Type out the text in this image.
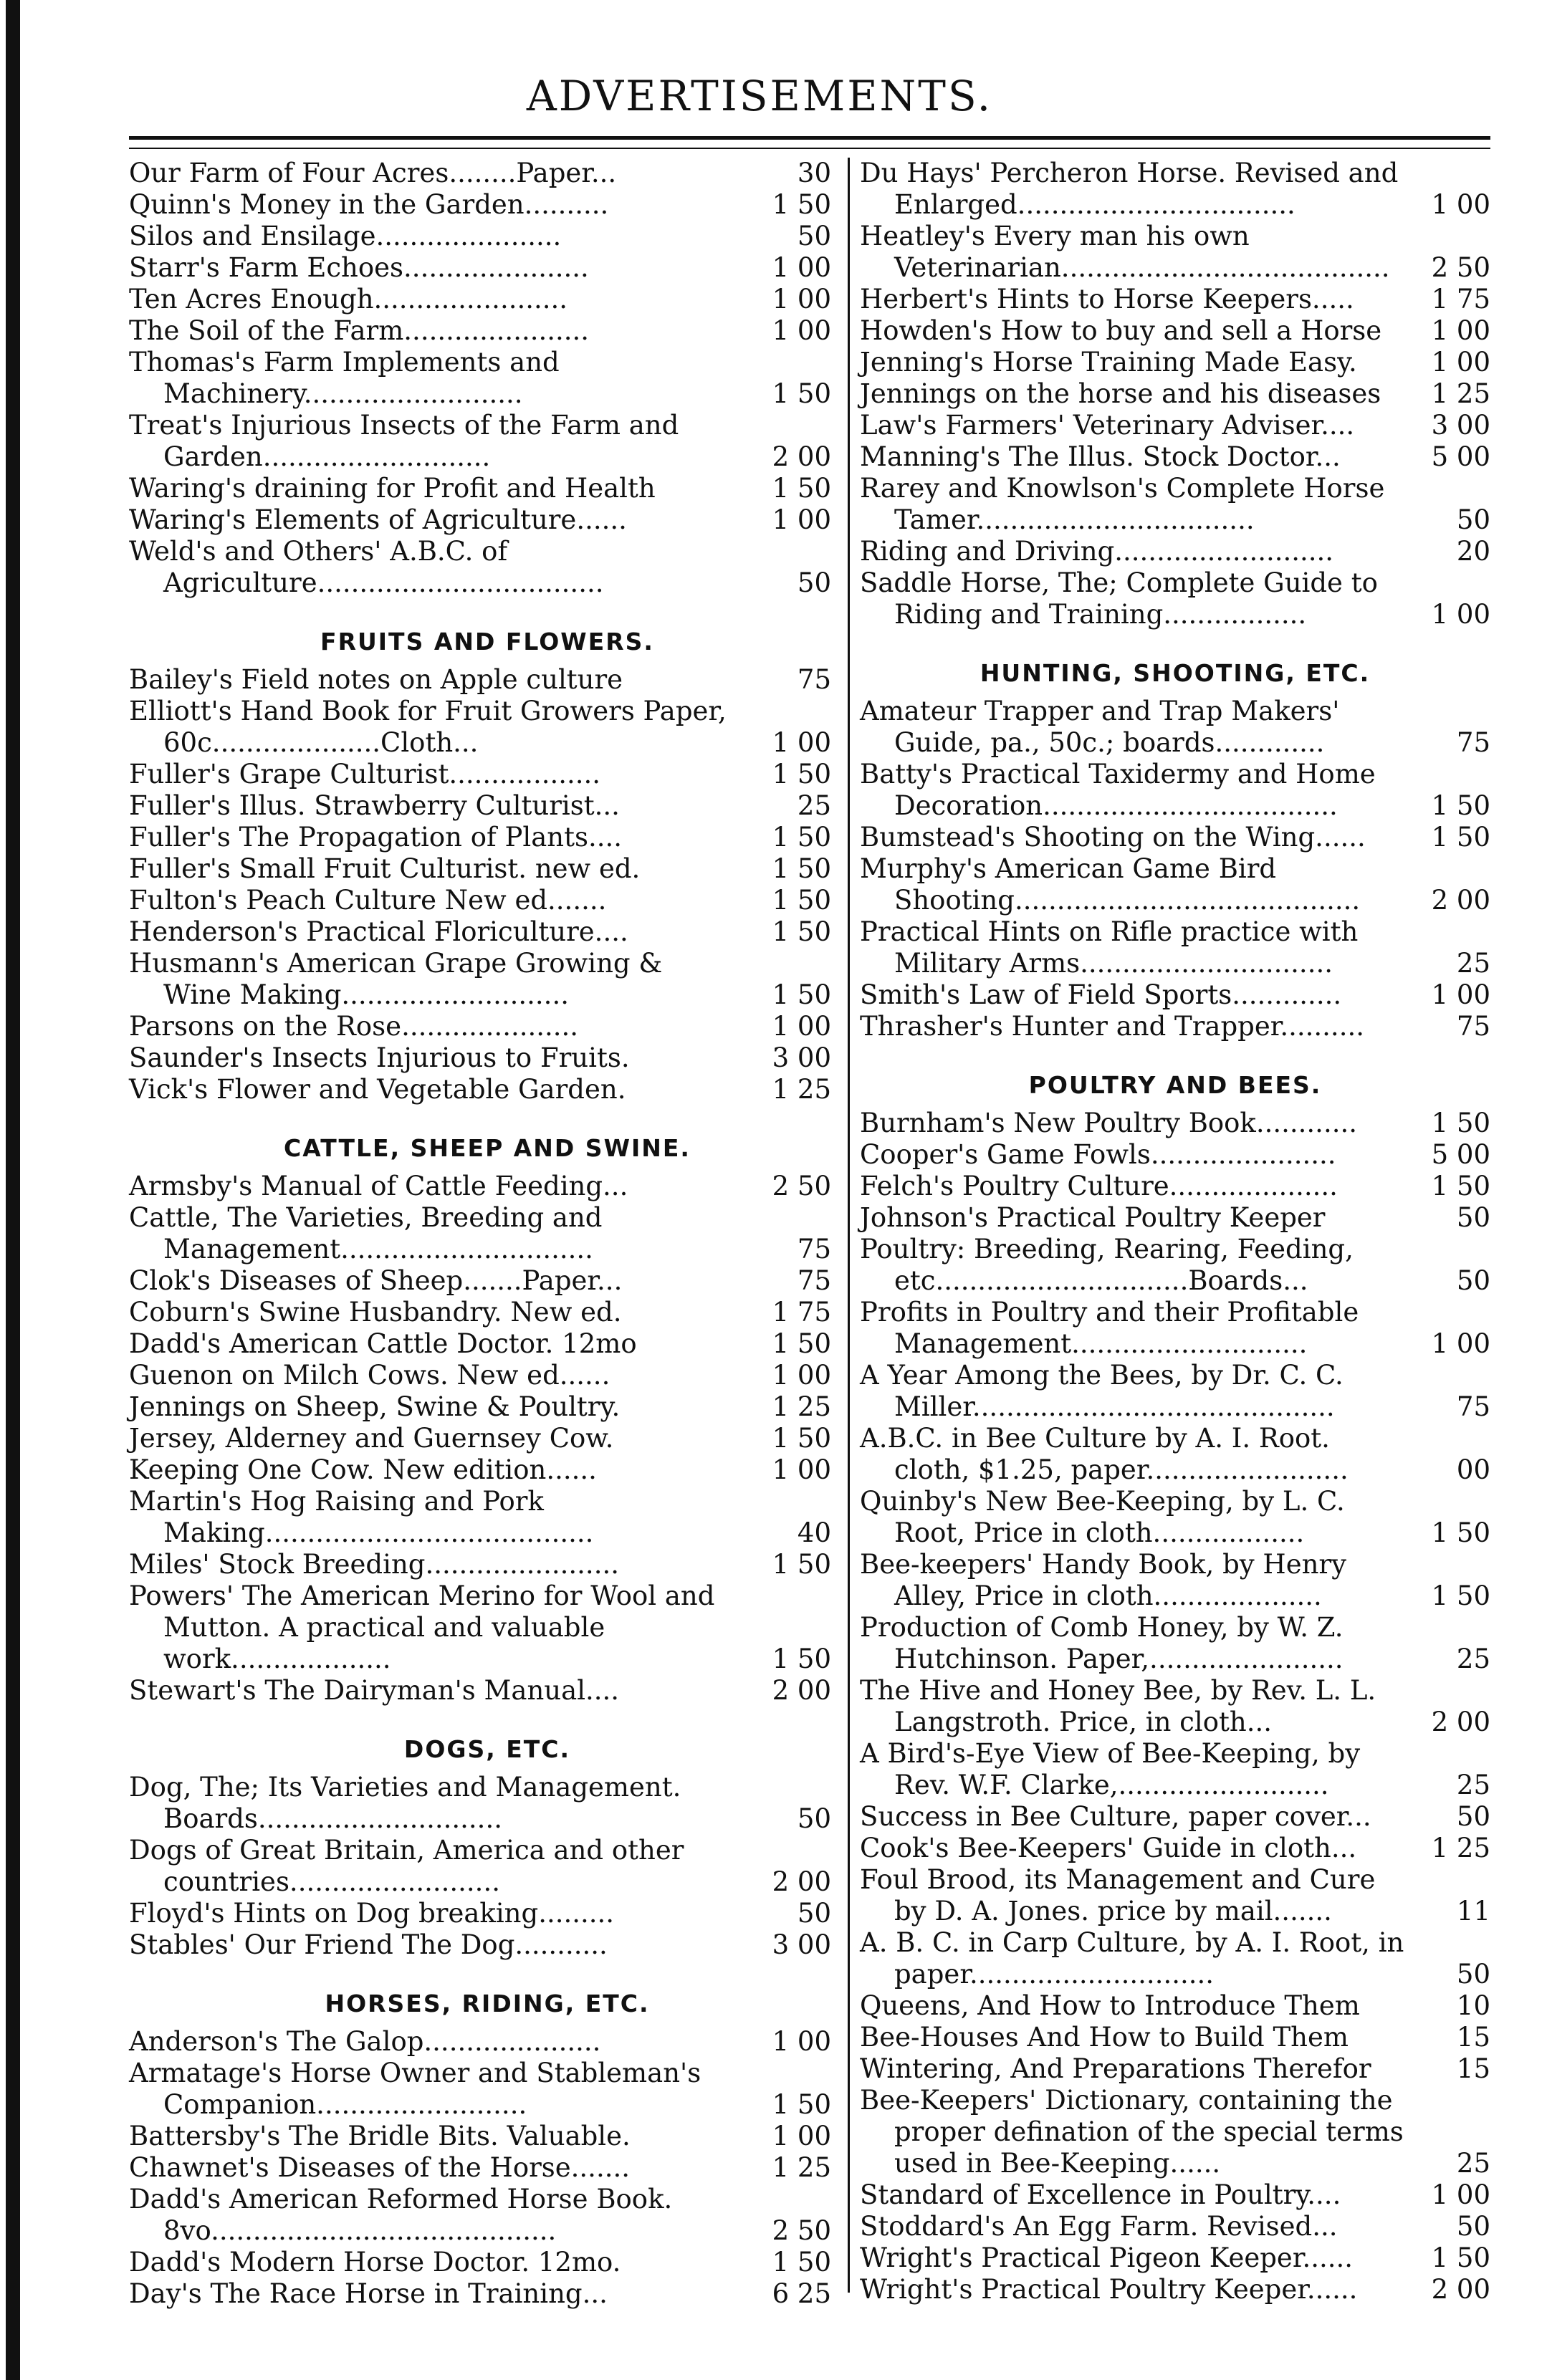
ADVERTISEMENTS.
Our Farm of Four Acres........Paper...	30
Quinn's Money in the Garden..........	1 50
Silos and Ensilage......................	50
Starr's Farm Echoes......................	1 00
Ten Acres Enough.......................	1 00
The Soil of the Farm......................	1 00
Thomas's Farm Implements and Machinery..........................	1 50
Treat's Injurious Insects of the Farm and Garden...........................	2 00
Waring's draining for Profit and Health	1 50
Waring's Elements of Agriculture......	1 00
Weld's and Others' A.B.C. of Agriculture..................................	50
FRUITS AND FLOWERS.
Bailey's Field notes on Apple culture	75
Elliott's Hand Book for Fruit Growers Paper, 60c....................Cloth...	1 00
Fuller's Grape Culturist..................	1 50
Fuller's Illus. Strawberry Culturist...	25
Fuller's The Propagation of Plants....	1 50
Fuller's Small Fruit Culturist. new ed.	1 50
Fulton's Peach Culture New ed.......	1 50
Henderson's Practical Floriculture....	1 50
Husmann's American Grape Growing & Wine Making...........................	1 50
Parsons on the Rose.....................	1 00
Saunder's Insects Injurious to Fruits.	3 00
Vick's Flower and Vegetable Garden.	1 25
CATTLE, SHEEP AND SWINE.
Armsby's Manual of Cattle Feeding...	2 50
Cattle, The Varieties, Breeding and Management..............................	75
Clok's Diseases of Sheep.......Paper...	75
Coburn's Swine Husbandry. New ed.	1 75
Dadd's American Cattle Doctor. 12mo	1 50
Guenon on Milch Cows. New ed......	1 00
Jennings on Sheep, Swine & Poultry.	1 25
Jersey, Alderney and Guernsey Cow.	1 50
Keeping One Cow. New edition......	1 00
Martin's Hog Raising and Pork Making.......................................	40
Miles' Stock Breeding.......................	1 50
Powers' The American Merino for Wool and Mutton. A practical and valuable work...................	1 50
Stewart's The Dairyman's Manual....	2 00
DOGS, ETC.
Dog, The; Its Varieties and Management. Boards.............................	50
Dogs of Great Britain, America and other countries.........................	2 00
Floyd's Hints on Dog breaking.........	50
Stables' Our Friend The Dog...........	3 00
HORSES, RIDING, ETC.
Anderson's The Galop.....................	1 00
Armatage's Horse Owner and Stableman's Companion.........................	1 50
Battersby's The Bridle Bits. Valuable.	1 00
Chawnet's Diseases of the Horse.......	1 25
Dadd's American Reformed Horse Book. 8vo.........................................	2 50
Dadd's Modern Horse Doctor. 12mo.	1 50
Day's The Race Horse in Training...	6 25
Du Hays' Percheron Horse. Revised and Enlarged.................................	1 00
Heatley's Every man his own Veterinarian.......................................	2 50
Herbert's Hints to Horse Keepers.....	1 75
Howden's How to buy and sell a Horse	1 00
Jenning's Horse Training Made Easy.	1 00
Jennings on the horse and his diseases	1 25
Law's Farmers' Veterinary Adviser....	3 00
Manning's The Illus. Stock Doctor...	5 00
Rarey and Knowlson's Complete Horse Tamer.................................	50
Riding and Driving..........................	20
Saddle Horse, The; Complete Guide to Riding and Training.................	1 00
HUNTING, SHOOTING, ETC.
Amateur Trapper and Trap Makers' Guide, pa., 50c.; boards.............	75
Batty's Practical Taxidermy and Home Decoration...................................	1 50
Bumstead's Shooting on the Wing......	1 50
Murphy's American Game Bird Shooting.........................................	2 00
Practical Hints on Rifle practice with Military Arms..............................	25
Smith's Law of Field Sports.............	1 00
Thrasher's Hunter and Trapper..........	75
POULTRY AND BEES.
Burnham's New Poultry Book............	1 50
Cooper's Game Fowls......................	5 00
Felch's Poultry Culture....................	1 50
Johnson's Practical Poultry Keeper	50
Poultry: Breeding, Rearing, Feeding, etc..............................Boards...	50
Profits in Poultry and their Profitable Management............................	1 00
A Year Among the Bees, by Dr. C. C. Miller...........................................	75
A.B.C. in Bee Culture by A. I. Root. cloth, $1.25, paper........................	00
Quinby's New Bee-Keeping, by L. C. Root, Price in cloth..................	1 50
Bee-keepers' Handy Book, by Henry Alley, Price in cloth....................	1 50
Production of Comb Honey, by W. Z. Hutchinson. Paper,.......................	25
The Hive and Honey Bee, by Rev. L. L. Langstroth. Price, in cloth...	2 00
A Bird's-Eye View of Bee-Keeping, by Rev. W.F. Clarke,.........................	25
Success in Bee Culture, paper cover...	50
Cook's Bee-Keepers' Guide in cloth...	1 25
Foul Brood, its Management and Cure by D. A. Jones. price by mail.......	11
A. B. C. in Carp Culture, by A. I. Root, in paper.............................	50
Queens, And How to Introduce Them	10
Bee-Houses And How to Build Them	15
Wintering, And Preparations Therefor	15
Bee-Keepers' Dictionary, containing the proper defination of the special terms used in Bee-Keeping......	25
Standard of Excellence in Poultry....	1 00
Stoddard's An Egg Farm. Revised...	50
Wright's Practical Pigeon Keeper......	1 50
Wright's Practical Poultry Keeper......	2 00
